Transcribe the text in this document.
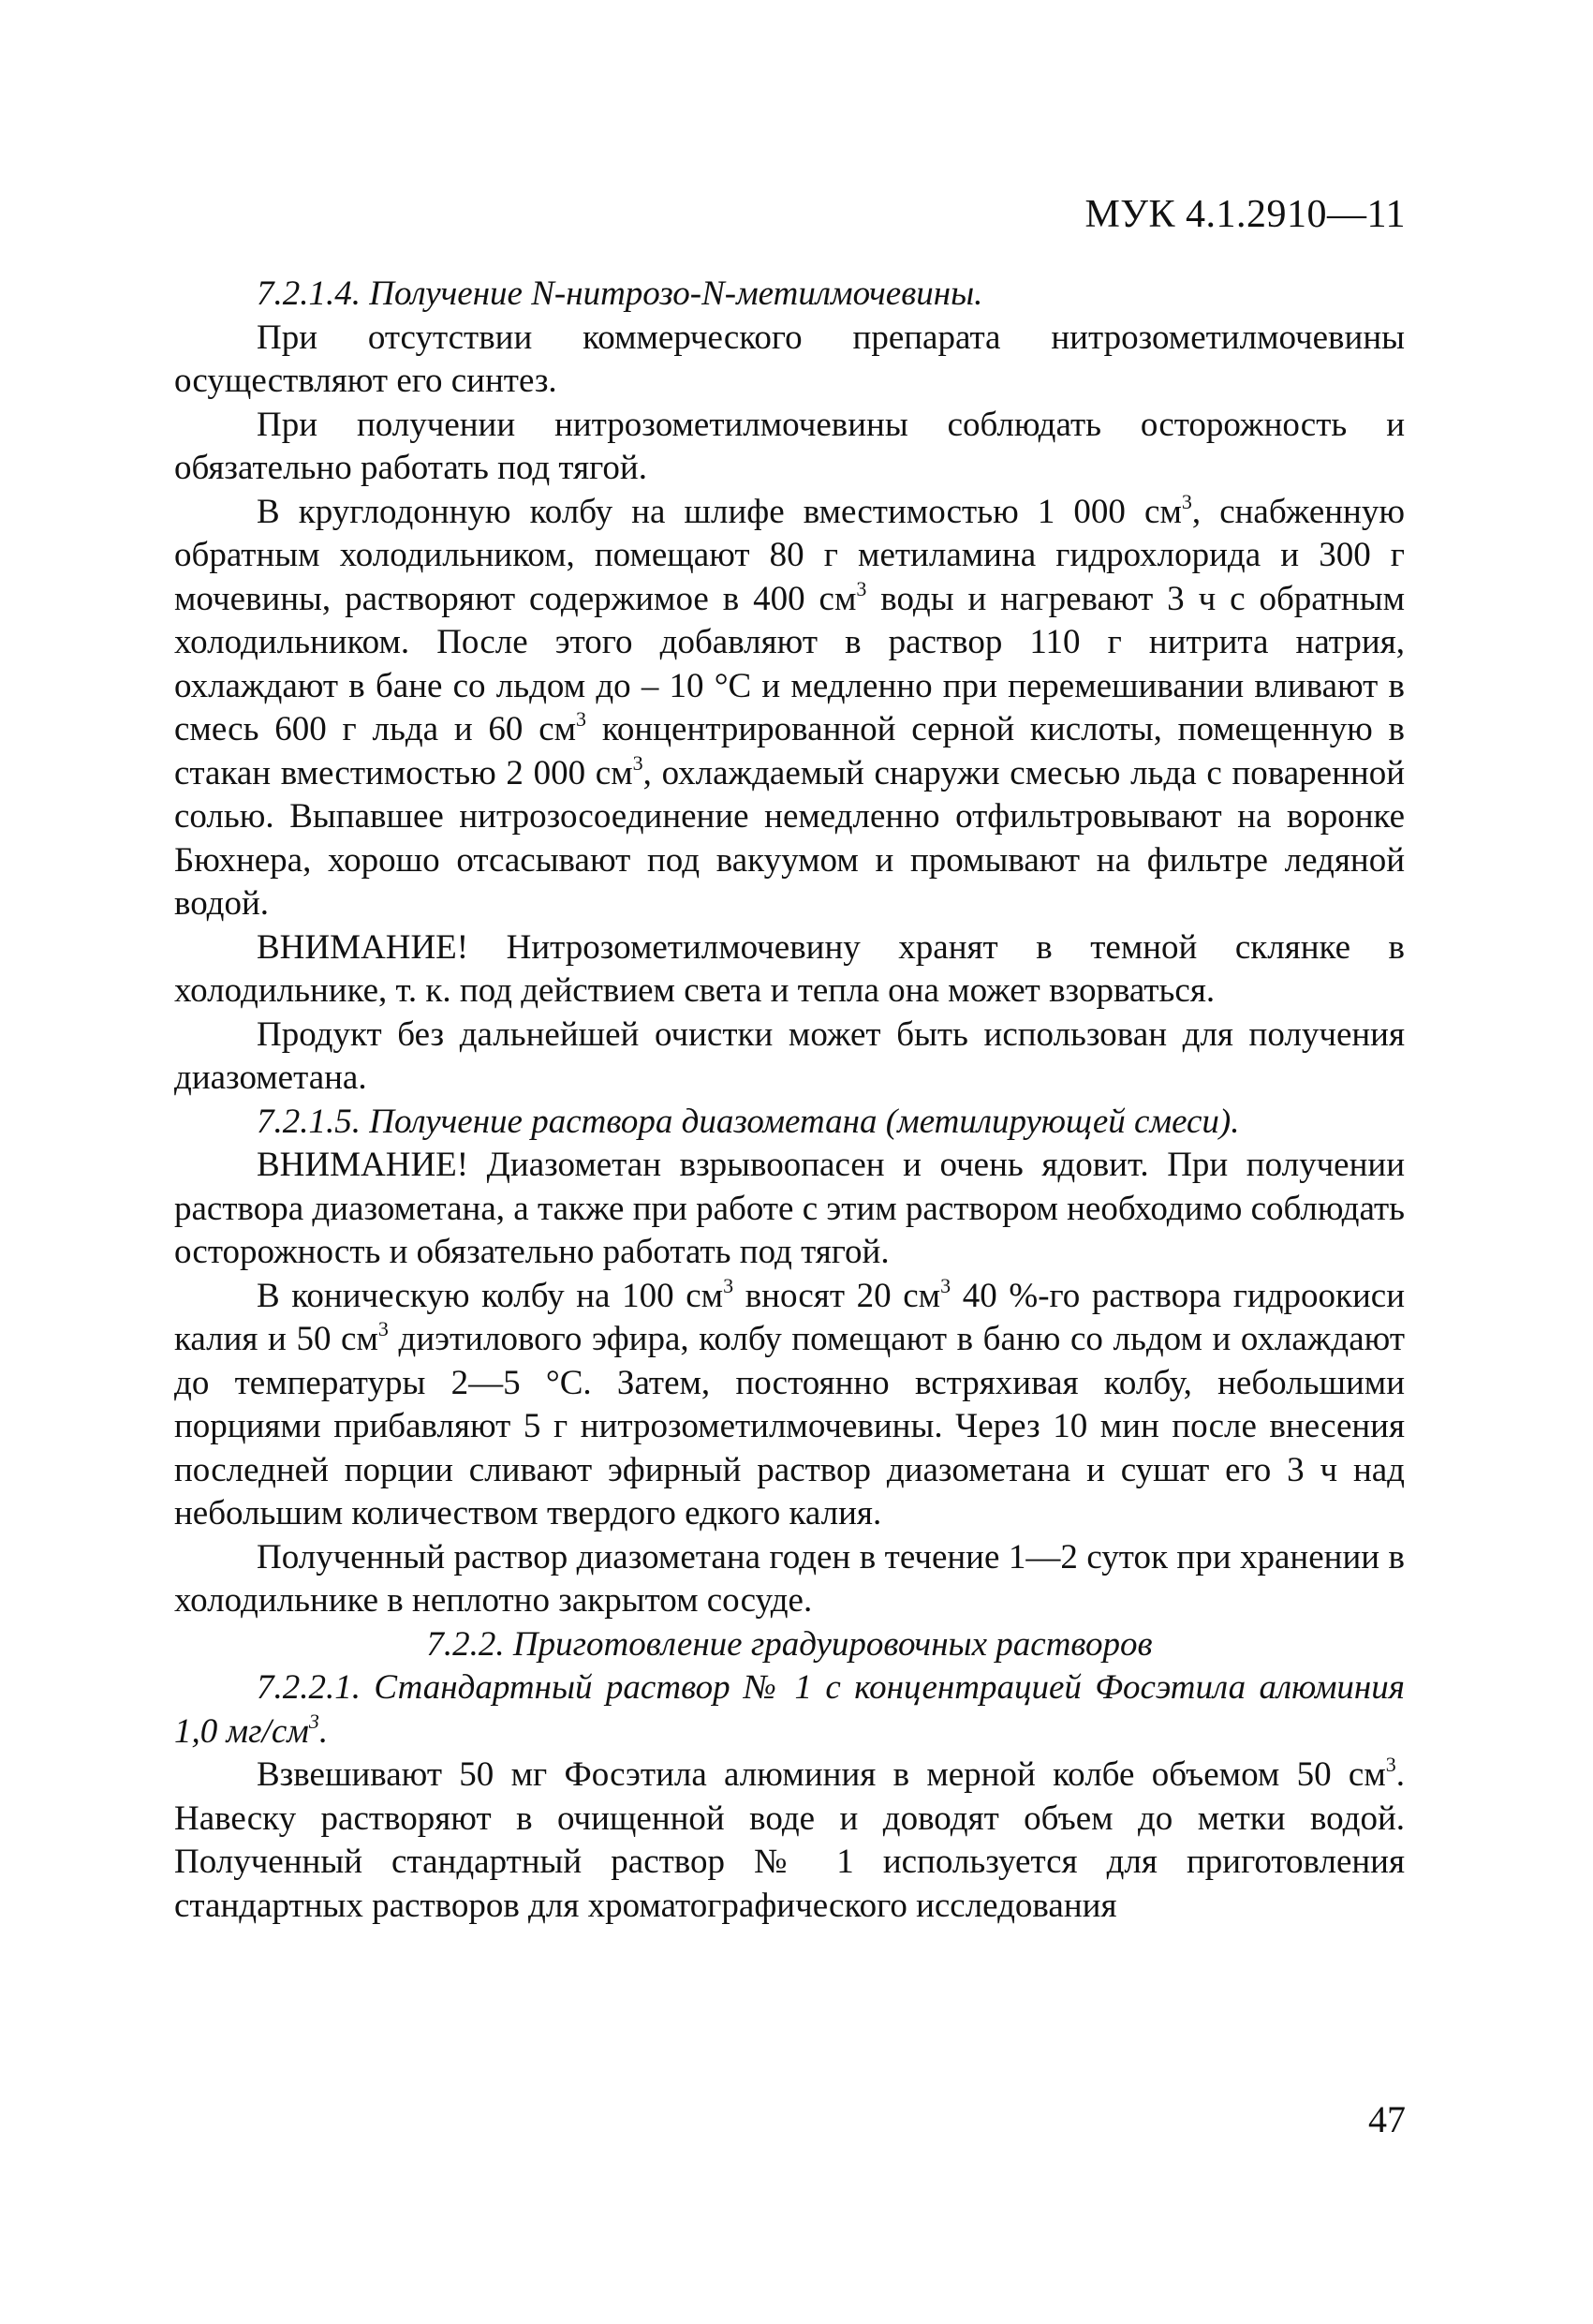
МУК 4.1.2910—11

7.2.1.4. Получение N-нитрозо-N-метилмочевины.

При отсутствии коммерческого препарата нитрозометилмочевины осуществляют его синтез.

При получении нитрозометилмочевины соблюдать осторожность и обязательно работать под тягой.

В круглодонную колбу на шлифе вместимостью 1 000 $см^3$, снабженную обратным холодильником, помещают 80 г метиламина гидрохлорида и 300 г мочевины, растворяют содержимое в 400 $см^3$ воды и нагревают 3 ч с обратным холодильником. После этого добавляют в раствор 110 г нитрита натрия, охлаждают в бане со льдом до – 10 °С и медленно при перемешивании вливают в смесь 600 г льда и 60 $см^3$ концентрированной серной кислоты, помещенную в стакан вместимостью 2 000 $см^3$, охлаждаемый снаружи смесью льда с поваренной солью. Выпавшее нитрозосоединение немедленно отфильтровывают на воронке Бюхнера, хорошо отсасывают под вакуумом и промывают на фильтре ледяной водой.

ВНИМАНИЕ! Нитрозометилмочевину хранят в темной склянке в холодильнике, т. к. под действием света и тепла она может взорваться.

Продукт без дальнейшей очистки может быть использован для получения диазометана.

7.2.1.5. Получение раствора диазометана (метилирующей смеси).

ВНИМАНИЕ! Диазометан взрывоопасен и очень ядовит. При получении раствора диазометана, а также при работе с этим раствором необходимо соблюдать осторожность и обязательно работать под тягой.

В коническую колбу на 100 $см^3$ вносят 20 $см^3$ 40 %-го раствора гидроокиси калия и 50 $см^3$ диэтилового эфира, колбу помещают в баню со льдом и охлаждают до температуры 2—5 °С. Затем, постоянно встряхивая колбу, небольшими порциями прибавляют 5 г нитрозометилмочевины. Через 10 мин после внесения последней порции сливают эфирный раствор диазометана и сушат его 3 ч над небольшим количеством твердого едкого калия.

Полученный раствор диазометана годен в течение 1—2 суток при хранении в холодильнике в неплотно закрытом сосуде.

7.2.2. Приготовление градуировочных растворов

7.2.2.1. Стандартный раствор № 1 с концентрацией Фосэтила алюминия 1,0 $мг/см^3$.

Взвешивают 50 мг Фосэтила алюминия в мерной колбе объемом 50 $см^3$. Навеску растворяют в очищенной воде и доводят объем до метки водой. Полученный стандартный раствор № 1 используется для приготовления стандартных растворов для хроматографического исследования

47
